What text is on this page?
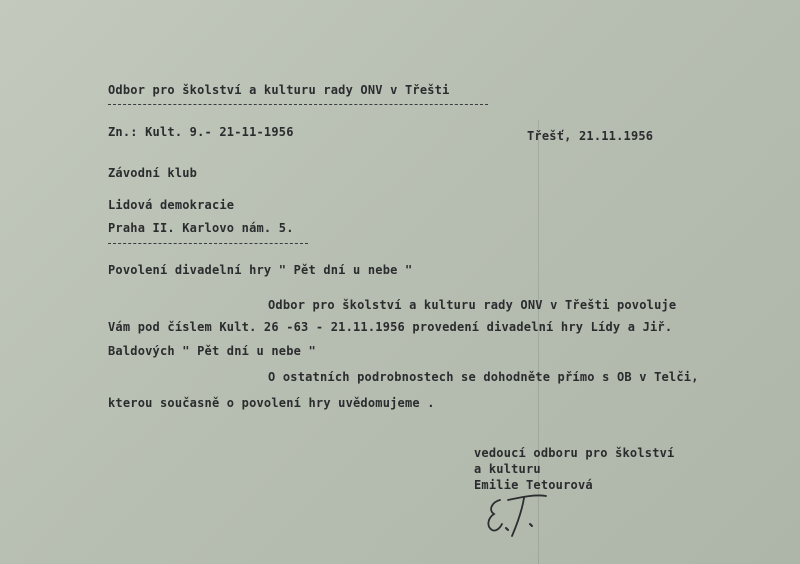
Odbor pro školství a kulturu rady ONV v Třešti
Zn.: Kult. 9.- 21-11-1956	Třešť, 21.11.1956
Závodní klub
Lidová demokracie
Praha II. Karlovo nám. 5.
Povolení divadelní hry " Pět dní u nebe "
Odbor pro školství a kulturu rady ONV v Třešti povoluje
Vám pod číslem Kult. 26 -63 - 21.11.1956 provedení divadelní hry Lídy a Jiř.
Baldových " Pět dní u nebe "
O ostatních podrobnostech se dohodněte přímo s OB v Telči,
kterou současně o povolení hry uvědomujeme .
vedoucí odboru pro školství
a kulturu
Emilie Tetourová
